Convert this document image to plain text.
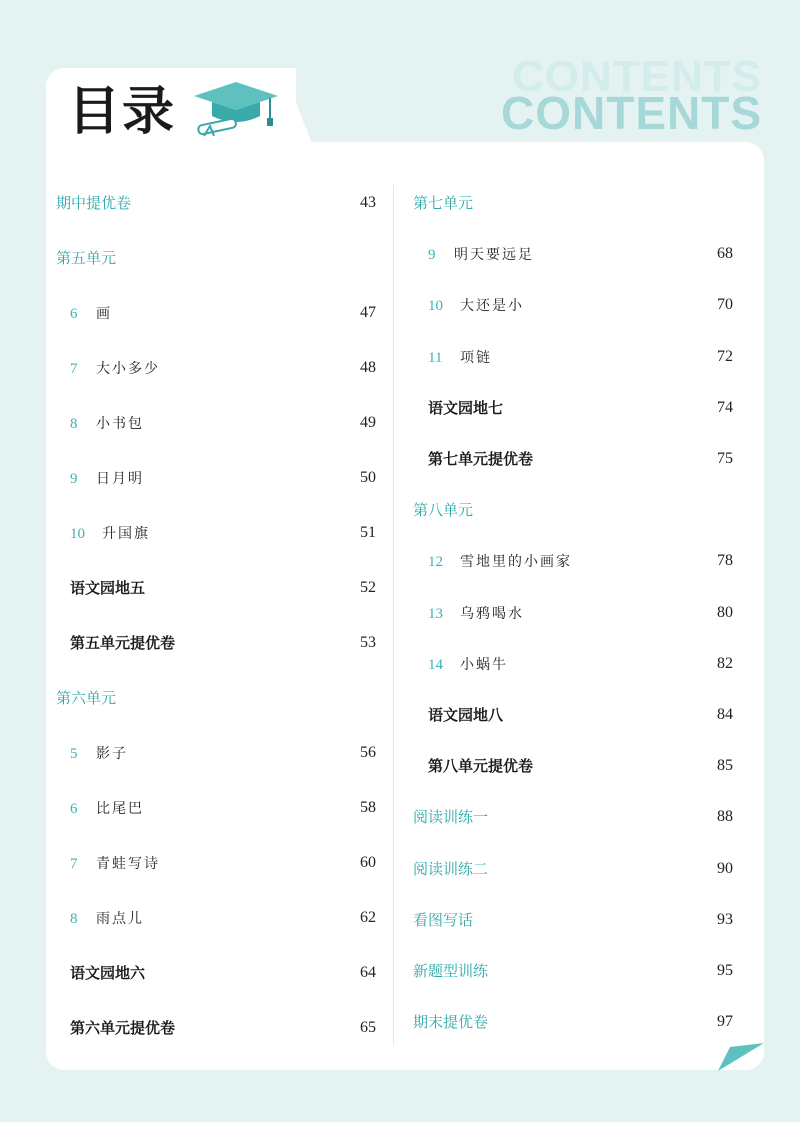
目录
CONTENTS
CONTENTS
期中提优卷	43
第五单元
6 画	47
7 大小多少	48
8 小书包	49
9 日月明	50
10 升国旗	51
语文园地五	52
第五单元提优卷	53
第六单元
5 影子	56
6 比尾巴	58
7 青蛙写诗	60
8 雨点儿	62
语文园地六	64
第六单元提优卷	65
第七单元
9 明天要远足	68
10 大还是小	70
11 项链	72
语文园地七	74
第七单元提优卷	75
第八单元
12 雪地里的小画家	78
13 乌鸦喝水	80
14 小蜗牛	82
语文园地八	84
第八单元提优卷	85
阅读训练一	88
阅读训练二	90
看图写话	93
新题型训练	95
期末提优卷	97
